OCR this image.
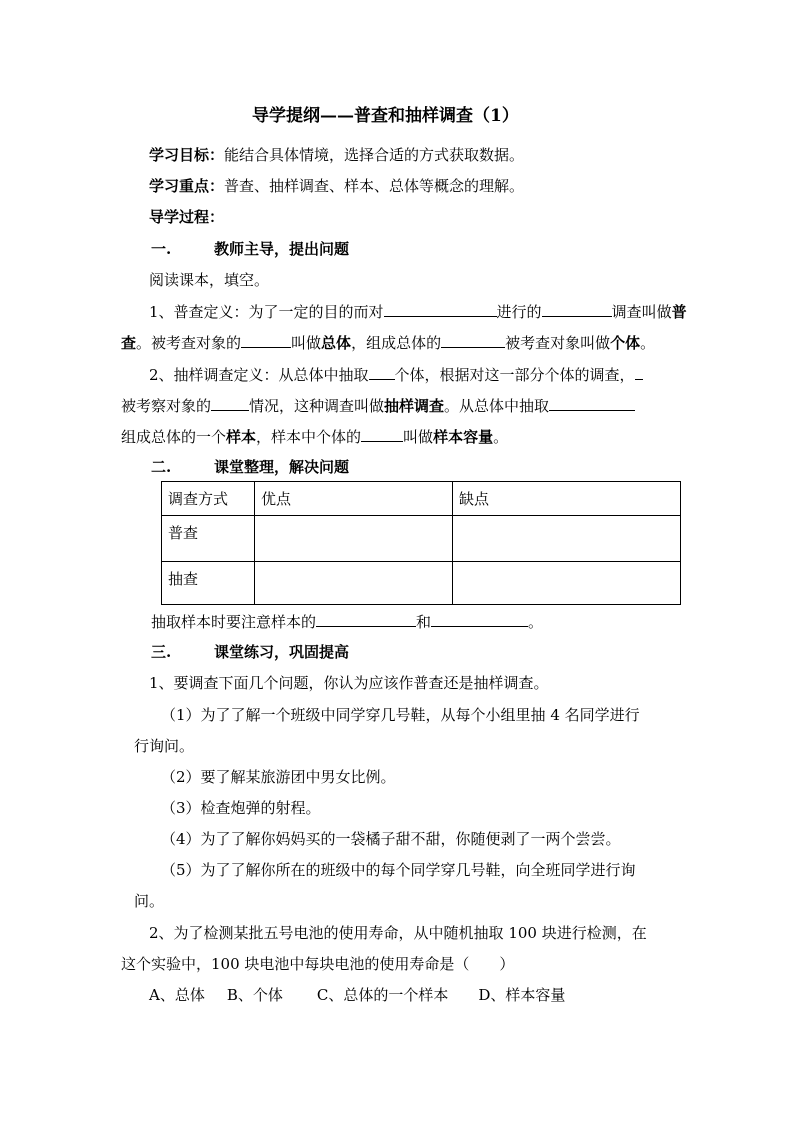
导学提纲——普查和抽样调查（1）
学习目标：能结合具体情境，选择合适的方式获取数据。
学习重点：普查、抽样调查、样本、总体等概念的理解。
导学过程：
一.	教师主导，提出问题
阅读课本，填空。
1、普查定义：为了一定的目的而对	进行的	调查叫做普
查。被考查对象的	叫做总体，组成总体的	被考查对象叫做个体。
2、抽样调查定义：从总体中抽取 个体，根据对这一部分个体的调查，
被考察对象的	情况，这种调查叫做抽样调查。从总体中抽取
组成总体的一个样本，样本中个体的	叫做样本容量。
二.	课堂整理，解决问题
调查方式	优点	缺点
普查		
抽查		
抽取样本时要注意样本的	和	。
三.	课堂练习，巩固提高
1、要调查下面几个问题，你认为应该作普查还是抽样调查。
（1）为了了解一个班级中同学穿几号鞋，从每个小组里抽 4 名同学进行
行询问。
（2）要了解某旅游团中男女比例。
（3）检查炮弹的射程。
（4）为了了解你妈妈买的一袋橘子甜不甜，你随便剥了一两个尝尝。
（5）为了了解你所在的班级中的每个同学穿几号鞋，向全班同学进行询
问。
2、为了检测某批五号电池的使用寿命，从中随机抽取 100 块进行检测，在
这个实验中，100 块电池中每块电池的使用寿命是（　　）
A、总体 B、个体 C、总体的一个样本 D、样本容量
